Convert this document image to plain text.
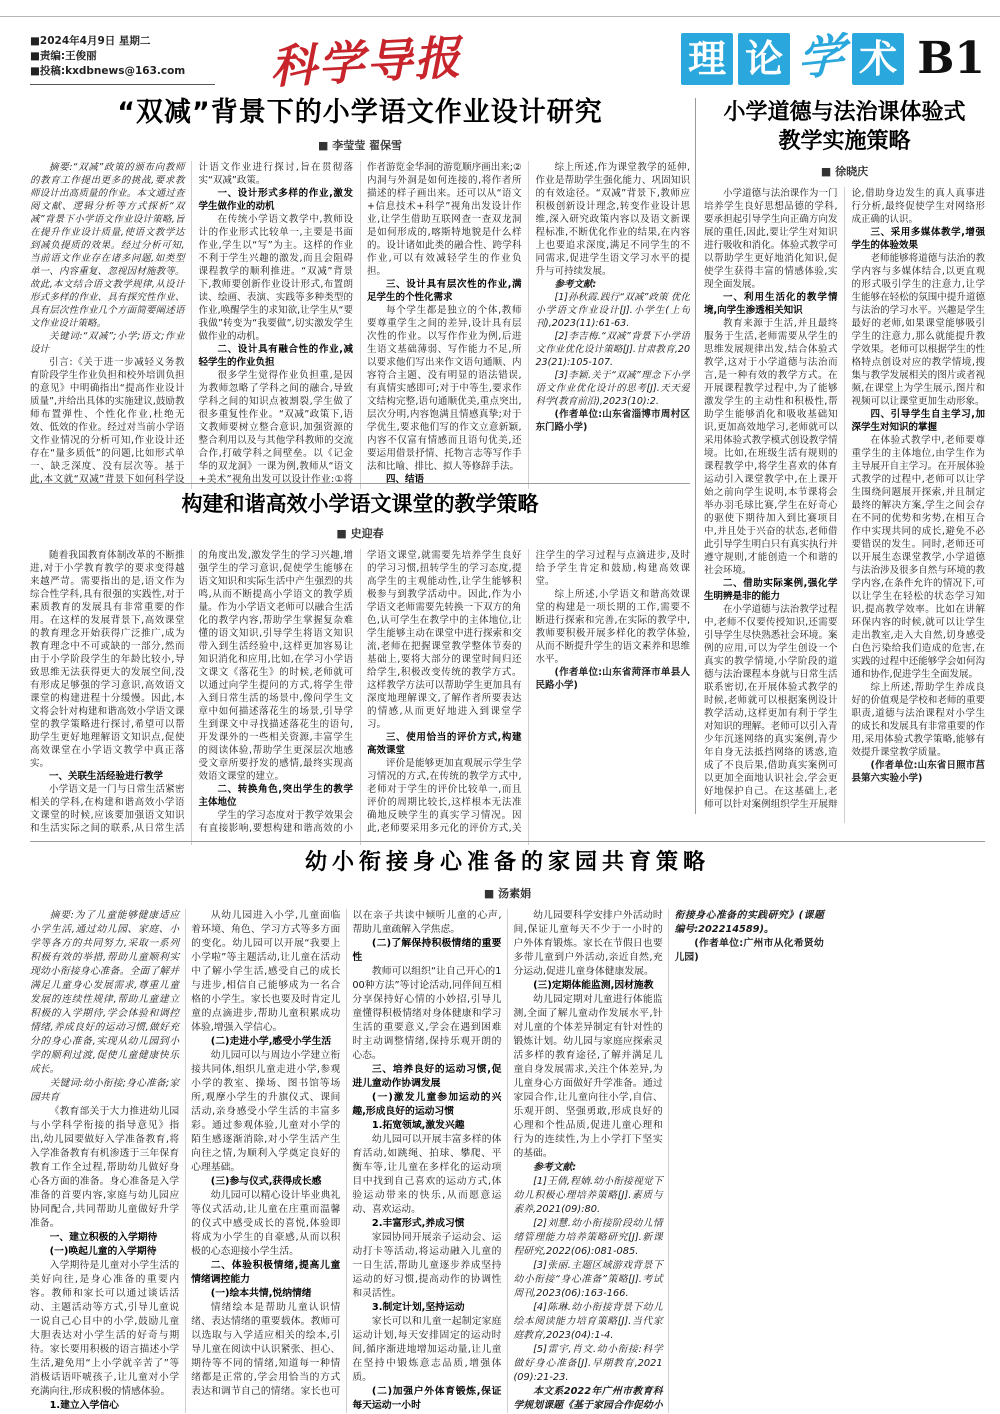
■2024年4月9日 星期二
■责编:王俊丽
■投稿:kxdbnews@163.com	科学导报	理 论 学 术 B1
“双减”背景下的小学语文作业设计研究
■ 李莹莹 翟保雪
摘要:“双减”政策的颁布向教师的教育工作提出更多的挑战,要求教师设计出高质量的作业。本文通过查阅文献、逻辑分析等方式探析“双减”背景下小学语文作业设计策略,旨在提升作业设计质量,使语文教学达到减负提质的效果。经过分析可知,当前语文作业存在诸多问题,如类型单一、内容重复、忽视因材施教等。故此,本文结合语文教学规律,从设计形式多样的作业、具有探究性作业、具有层次性作业几个方面简要阐述语文作业设计策略。
关键词:“双减”;小学;语文;作业设计
引言:《关于进一步减轻义务教育阶段学生作业负担和校外培训负担的意见》中明确指出“提高作业设计质量”,并给出具体的实施建议,鼓励教师布置弹性、个性化作业,杜绝无效、低效的作业。经过对当前小学语文作业情况的分析可知,作业设计还存在“量多质低”的问题,比如形式单一、缺乏深度、没有层次等。基于此,本文就“双减”背景下如何科学设计语文作业进行探讨,旨在贯彻落实“双减”政策。
一、设计形式多样的作业,激发学生做作业的动机
在传统小学语文教学中,教师设计的作业形式比较单一,主要是书面作业,学生以“写”为主。这样的作业不利于学生兴趣的激发,而且会阻碍课程教学的顺利推进。“双减”背景下,教师要创新作业设计形式,布置朗读、绘画、表演、实践等多种类型的作业,唤醒学生的求知欲,让学生从“要我做”转变为“我要做”,切实激发学生做作业的动机。
二、设计具有融合性的作业,减轻学生的作业负担
很多学生觉得作业负担重,是因为教师忽略了学科之间的融合,导致学科之间的知识点被割裂,学生做了很多重复性作业。“双减”政策下,语文教师要树立整合意识,加强资源的整合利用以及与其他学科教师的交流合作,打破学科之间壁垒。以《记金华的双龙洞》一课为例,教师从“语文+美术”视角出发可以设计作业:①将作者游览金华洞的游览顺序画出来;②内洞与外洞是如何连接的,将作者所描述的样子画出来。还可以从“语文+信息技术+科学”视角出发设计作业,让学生借助互联网查一查双龙洞是如何形成的,喀斯特地貌是什么样的。设计诸如此类的融合性、跨学科作业,可以有效减轻学生的作业负担。
三、设计具有层次性的作业,满足学生的个性化需求
每个学生都是独立的个体,教师要尊重学生之间的差异,设计具有层次性的作业。以写作作业为例,后进生语文基础薄弱、写作能力不足,所以要求他们写出来作文语句通顺、内容符合主题、没有明显的语法错误,有真情实感即可;对于中等生,要求作文结构完整,语句通顺优美,重点突出,层次分明,内容饱满且情感真挚;对于学优生,要求他们写的作文立意新颖,内容不仅富有情感而且语句优美,还要运用借景抒情、托物言志等写作手法和比喻、排比、拟人等修辞手法。
四、结语
综上所述,作为课堂教学的延伸,作业是帮助学生强化能力、巩固知识的有效途径。“双减”背景下,教师应积极创新设计理念,转变作业设计思维,深入研究政策内容以及语文新课程标准,不断优化作业的结果,在内容上也要追求深度,满足不同学生的不同需求,促进学生语文学习水平的提升与可持续发展。
参考文献:
[1]孙秋霞.践行“双减”政策 优化小学语文作业设计[J].小学生(上旬刊),2023(11):61-63.
[2]李吉梅.“双减”背景下小学语文作业优化设计策略[J].甘肃教育,2023(21):105-107.
[3]李颖.关于“双减”理念下小学语文作业优化设计的思考[J].天天爱科学(教育前沿),2023(10):2.
(作者单位:山东省淄博市周村区东门路小学)
小学道德与法治课体验式
教学实施策略
■ 徐晓庆
小学道德与法治课作为一门培养学生良好思想品德的学科,要承担起引导学生向正确方向发展的重任,因此,要让学生对知识进行吸收和消化。体验式教学可以帮助学生更好地消化知识,促使学生获得丰富的情感体验,实现全面发展。
一、利用生活化的教学情境,向学生渗透相关知识
教育来源于生活,并且最终服务于生活,老师需要从学生的思维发展规律出发,结合体验式教学,这对于小学道德与法治而言,是一种有效的教学方式。在开展课程教学过程中,为了能够激发学生的主动性和积极性,帮助学生能够消化和吸收基础知识,更加高效地学习,老师就可以采用体验式教学模式创设教学情境。比如,在班级生活有规则的课程教学中,将学生喜欢的体育运动引入课堂教学中,在上课开始之前向学生说明,本节课将会举办羽毛球比赛,学生在好奇心的驱使下期待加入到比赛项目中,并且处于兴奋的状态,老师借此引导学生明白只有真实执行并遵守规则,才能创造一个和谐的社会环境。
二、借助实际案例,强化学生明辨是非的能力
在小学道德与法治教学过程中,老师不仅要传授知识,还需要引导学生尽快熟悉社会环境。案例的应用,可以为学生创设一个真实的教学情境,小学阶段的道德与法治课程本身就与日常生活联系密切,在开展体验式教学的时候,老师就可以根据案例设计教学活动,这样更加有利于学生对知识的理解。老师可以引入青少年沉迷网络的真实案例,青少年自身无法抵挡网络的诱惑,造成了不良后果,借助真实案例可以更加全面地认识社会,学会更好地保护自己。在这基础上,老师可以针对案例组织学生开展辩论,借助身边发生的真人真事进行分析,最终促使学生对网络形成正确的认识。
三、采用多媒体教学,增强学生的体验效果
老师能够将道德与法治的教学内容与多媒体结合,以更直观的形式吸引学生的注意力,让学生能够在轻松的氛围中提升道德与法治的学习水平。兴趣是学生最好的老师,如果课堂能够吸引学生的注意力,那么就能提升教学效果。老师可以根据学生的性格特点创设对应的教学情境,搜集与教学发展相关的图片或者视频,在课堂上为学生展示,图片和视频可以让课堂更加生动形象。
四、引导学生自主学习,加深学生对知识的掌握
在体验式教学中,老师要尊重学生的主体地位,由学生作为主导展开自主学习。在开展体验式教学的过程中,老师可以让学生围绕问题展开探索,并且制定最终的解决方案,学生之间会存在不同的优势和劣势,在相互合作中实现共同的成长,避免不必要错误的发生。同时,老师还可以开展生态课堂教学,小学道德与法治涉及很多自然与环境的教学内容,在条件允许的情况下,可以让学生在轻松的状态学习知识,提高教学效率。比如在讲解环保内容的时候,就可以让学生走出教室,走入大自然,切身感受白色污染给我们造成的危害,在实践的过程中还能够学会如何沟通和协作,促进学生全面发展。
综上所述,帮助学生养成良好的价值观是学校和老师的重要职责,道德与法治课程对小学生的成长和发展具有非常重要的作用,采用体验式教学策略,能够有效提升课堂教学质量。
(作者单位:山东省日照市莒县第六实验小学)
构建和谐高效小学语文课堂的教学策略
■ 史迎春
随着我国教育体制改革的不断推进,对于小学教育教学的要求变得越来越严苛。需要指出的是,语文作为综合性学科,具有很强的实践性,对于素质教育的发展具有非常重要的作用。在这样的发展背景下,高效课堂的教育理念开始获得广泛推广,成为教育理念中不可或缺的一部分,然而由于小学阶段学生的年龄比较小,导致思维无法获得更大的发展空间,没有形成足够强的学习意识,高效语文课堂的构建进程十分缓慢。因此,本文将会针对构建和谐高效小学语文课堂的教学策略进行探讨,希望可以帮助学生更好地理解语文知识点,促使高效课堂在小学语文教学中真正落实。
一、关联生活经验进行教学
小学语文是一门与日常生活紧密相关的学科,在构建和谐高效小学语文课堂的时候,应该要加强语文知识和生活实际之间的联系,从日常生活的角度出发,激发学生的学习兴趣,增强学生的学习意识,促使学生能够在语文知识和实际生活中产生强烈的共鸣,从而不断提高小学语文的教学质量。作为小学语文老师可以融合生活化的教学内容,帮助学生掌握复杂难懂的语文知识,引导学生将语文知识带入到生活经验中,这样更加容易让知识消化和应用,比如,在学习小学语文课文《落花生》的时候,老师就可以通过向学生提问的方式,将学生带入到日常生活的场景中,像问学生文章中如何描述落花生的场景,引导学生到课文中寻找描述落花生的语句,开发课外的一些相关资源,丰富学生的阅读体验,帮助学生更深层次地感受文章所要抒发的感情,最终实现高效语文课堂的建立。
二、转换角色,突出学生的教学主体地位
学生的学习态度对于教学效果会有直接影响,要想构建和谐高效的小学语文课堂,就需要先培养学生良好的学习习惯,扭转学生的学习态度,提高学生的主观能动性,让学生能够积极参与到教学活动中。因此,作为小学语文老师需要先转换一下双方的角色,认可学生在教学中的主体地位,让学生能够主动在课堂中进行探索和交流,老师在把握课堂教学整体节奏的基础上,要将大部分的课堂时间归还给学生,积极改变传统的教学方式。这样教学方法可以帮助学生更加具有深度地理解课文,了解作者所要表达的情感,从而更好地进入到课堂学习。
三、使用恰当的评价方式,构建高效课堂
评价是能够更加直观展示学生学习情况的方式,在传统的教学方式中,老师对于学生的评价比较单一,而且评价的周期比较长,这样根本无法准确地反映学生的真实学习情况。因此,老师要采用多元化的评价方式,关注学生的学习过程与点滴进步,及时给予学生肯定和鼓励,构建高效课堂。
综上所述,小学语文和谐高效课堂的构建是一项长期的工作,需要不断进行探索和完善,在实际的教学中,教师要积极开展多样化的教学体验,从而不断提升学生的语文素养和思维水平。
(作者单位:山东省菏泽市单县人民路小学)
幼小衔接身心准备的家园共育策略
■ 汤素娟
摘要:为了儿童能够健康适应小学生活,通过幼儿园、家庭、小学等各方的共同努力,采取一系列积极有效的举措,帮助儿童顺利实现幼小衔接身心准备。全面了解并满足儿童身心发展需求,尊重儿童发展的连续性规律,帮助儿童建立积极的入学期待,学会体验和调控情绪,养成良好的运动习惯,做好充分的身心准备,实现从幼儿园到小学的顺利过渡,促使儿童健康快乐成长。
关键词:幼小衔接;身心准备;家园共育
《教育部关于大力推进幼儿园与小学科学衔接的指导意见》指出,幼儿园要做好入学准备教育,将入学准备教育有机渗透于三年保育教育工作全过程,帮助幼儿做好身心各方面的准备。身心准备是入学准备的首要内容,家庭与幼儿园应协同配合,共同帮助儿童做好升学准备。
一、建立积极的入学期待
(一)唤起儿童的入学期待
入学期待是儿童对小学生活的美好向往,是身心准备的重要内容。教师和家长可以通过谈话活动、主题活动等方式,引导儿童说一说自己心目中的小学,鼓励儿童大胆表达对小学生活的好奇与期待。家长要用积极的语言描述小学生活,避免用“上小学就辛苦了”等消极话语吓唬孩子,让儿童对小学充满向往,形成积极的情感体验。
1.建立入学信心
从幼儿园进入小学,儿童面临着环境、角色、学习方式等多方面的变化。幼儿园可以开展“我要上小学啦”等主题活动,让儿童在活动中了解小学生活,感受自己的成长与进步,相信自己能够成为一名合格的小学生。家长也要及时肯定儿童的点滴进步,帮助儿童积累成功体验,增强入学信心。
(二)走进小学,感受小学生活
幼儿园可以与周边小学建立衔接共同体,组织儿童走进小学,参观小学的教室、操场、图书馆等场所,观摩小学生的升旗仪式、课间活动,亲身感受小学生活的丰富多彩。通过参观体验,儿童对小学的陌生感逐渐消除,对小学生活产生向往之情,为顺利入学奠定良好的心理基础。
(三)参与仪式,获得成长感
幼儿园可以精心设计毕业典礼等仪式活动,让儿童在庄重而温馨的仪式中感受成长的喜悦,体验即将成为小学生的自豪感,从而以积极的心态迎接小学生活。
二、体验积极情绪,提高儿童情绪调控能力
(一)绘本共情,悦纳情绪
情绪绘本是帮助儿童认识情绪、表达情绪的重要载体。教师可以选取与入学适应相关的绘本,引导儿童在阅读中认识紧张、担心、期待等不同的情绪,知道每一种情绪都是正常的,学会用恰当的方式表达和调节自己的情绪。家长也可以在亲子共读中倾听儿童的心声,帮助儿童疏解入学焦虑。
(二)了解保持积极情绪的重要性
教师可以组织“让自己开心的100种方法”等讨论活动,同伴间互相分享保持好心情的小妙招,引导儿童懂得积极情绪对身体健康和学习生活的重要意义,学会在遇到困难时主动调整情绪,保持乐观开朗的心态。
三、培养良好的运动习惯,促进儿童动作协调发展
(一)激发儿童参加运动的兴趣,形成良好的运动习惯
1.拓宽领域,激发兴趣
幼儿园可以开展丰富多样的体育活动,如跳绳、拍球、攀爬、平衡车等,让儿童在多样化的运动项目中找到自己喜欢的运动方式,体验运动带来的快乐,从而愿意运动、喜欢运动。
2.丰富形式,养成习惯
家园协同开展亲子运动会、运动打卡等活动,将运动融入儿童的一日生活,帮助儿童逐步养成坚持运动的好习惯,提高动作的协调性和灵活性。
3.制定计划,坚持运动
家长可以和儿童一起制定家庭运动计划,每天安排固定的运动时间,循序渐进地增加运动量,让儿童在坚持中锻炼意志品质,增强体质。
(二)加强户外体育锻炼,保证每天运动一小时
幼儿园要科学安排户外活动时间,保证儿童每天不少于一小时的户外体育锻炼。家长在节假日也要多带儿童到户外活动,亲近自然,充分运动,促进儿童身体健康发展。
(三)定期体能监测,因材施教
幼儿园定期对儿童进行体能监测,全面了解儿童动作发展水平,针对儿童的个体差异制定有针对性的锻炼计划。幼儿园与家庭应探索灵活多样的教育途径,了解并满足儿童自身发展需求,关注个体差异,为儿童身心方面做好升学准备。通过家园合作,让儿童向往小学,自信、乐观开朗、坚强勇敢,形成良好的心理和个性品质,促进儿童心理和行为的连续性,为上小学打下坚实的基础。
参考文献:
[1]王倩,程婧.幼小衔接视觉下幼儿积极心理培养策略[J].素质与素养,2021(09):80.
[2]刘慧.幼小衔接阶段幼儿情绪管理能力培养策略研究[J].新课程研究,2022(06):081-085.
[3]张丽.主题区域游戏背景下幼小衔接“身心准备”策略[J].考试周刊,2023(06):163-166.
[4]陈琳.幼小衔接背景下幼儿绘本阅读能力培育策略[J].当代家庭教育,2023(04):1-4.
[5]雷宇,肖文.幼小衔接:科学做好身心准备[J].早期教育,2021(09):21-23.
本文系2022年广州市教育科学规划课题《基于家园合作促幼小衔接身心准备的实践研究》(课题编号:202214589)。
(作者单位:广州市从化希贤幼儿园)
